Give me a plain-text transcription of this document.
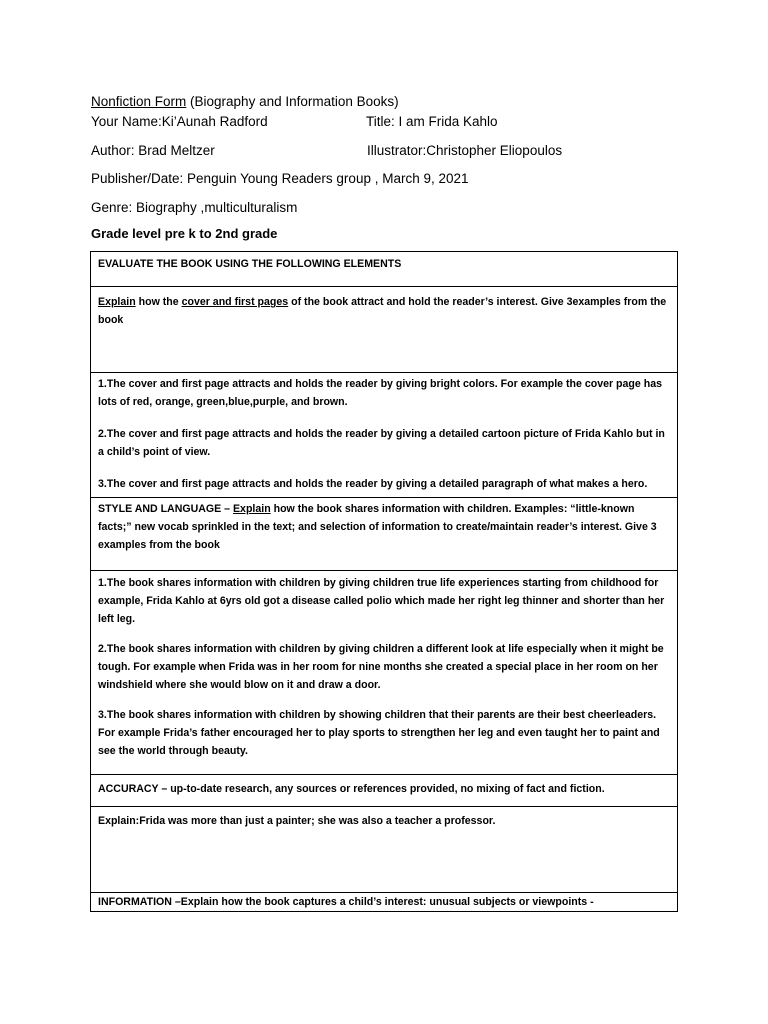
Nonfiction Form (Biography and Information Books)
Your Name:Ki’Aunah Radford	Title: I am Frida Kahlo
Author: Brad Meltzer	Illustrator:Christopher Eliopoulos
Publisher/Date: Penguin Young Readers group , March 9, 2021
Genre: Biography ,multiculturalism
Grade level pre k to 2nd grade
EVALUATE THE BOOK USING THE FOLLOWING ELEMENTS
Explain how the cover and first pages of the book attract and hold the reader’s interest. Give 3examples from the book

1.The cover and first page attracts and holds the reader by giving bright colors. For example the cover page has lots of red, orange, green,blue,purple, and brown.

2.The cover and first page attracts and holds the reader by giving a detailed cartoon picture of Frida Kahlo but in a child’s point of view.

3.The cover and first page attracts and holds the reader by giving a detailed paragraph of what makes a hero.

STYLE AND LANGUAGE – Explain how the book shares information with children. Examples: “little-known facts;” new vocab sprinkled in the text; and selection of information to create/maintain reader’s interest. Give 3 examples from the book

1.The book shares information with children by giving children true life experiences starting from childhood for example, Frida Kahlo at 6yrs old got a disease called polio which made her right leg thinner and shorter than her left leg.

2.The book shares information with children by giving children a different look at life especially when it might be tough. For example when Frida was in her room for nine months she created a special place in her room on her windshield where she would blow on it and draw a door.

3.The book shares information with children by showing children that their parents are their best cheerleaders. For example Frida’s father encouraged her to play sports to strengthen her leg and even taught her to paint and see the world through beauty.

ACCURACY – up-to-date research, any sources or references provided, no mixing of fact and fiction.
Explain:Frida was more than just a painter; she was also a teacher a professor.
INFORMATION –Explain how the book captures a child’s interest: unusual subjects or viewpoints -
